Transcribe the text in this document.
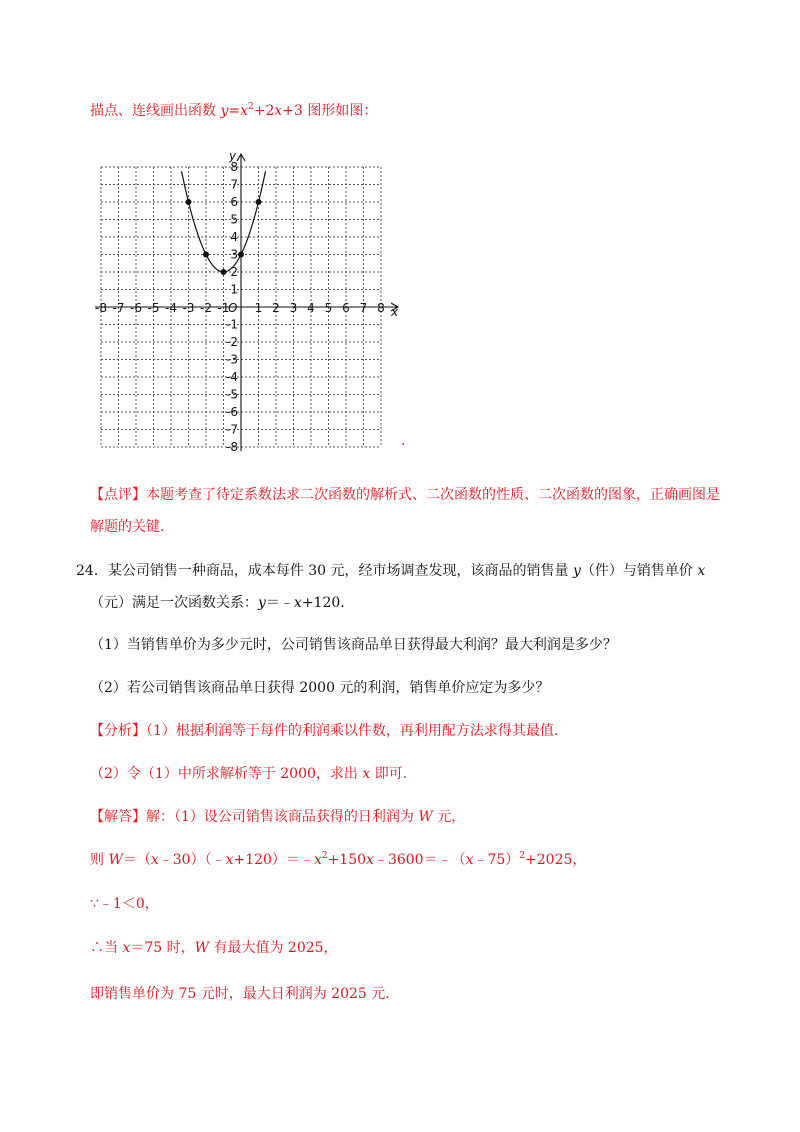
描点、连线画出函数 $y=x^2+2x+3$ 图形如图：
-8 -7 -6 -5 -4 -3 -2 -1 1 2 3 4 5 6 7 8
8
7
6
5
4
3
2
1
-1
-2
-3
-4
-5
-6
-7
-8
x
y
O
.
【点评】本题考查了待定系数法求二次函数的解析式、二次函数的性质、二次函数的图象，正确画图是
解题的关键.
24．某公司销售一种商品，成本每件 30 元，经市场调查发现，该商品的销售量 y（件）与销售单价 x
（元）满足一次函数关系：y＝﹣x+120.
（1）当销售单价为多少元时，公司销售该商品单日获得最大利润？最大利润是多少？
（2）若公司销售该商品单日获得 2000 元的利润，销售单价应定为多少？
【分析】（1）根据利润等于每件的利润乘以件数，再利用配方法求得其最值.
（2）令（1）中所求解析等于 2000，求出 x 即可.
【解答】解：（1）设公司销售该商品获得的日利润为 W 元，
则 $W=(x﹣30)(﹣x+120)=﹣x^2+150x﹣3600=﹣(x﹣75)^2+2025$，
∵﹣1＜0，
∴当 x＝75 时，W 有最大值为 2025，
即销售单价为 75 元时，最大日利润为 2025 元.
